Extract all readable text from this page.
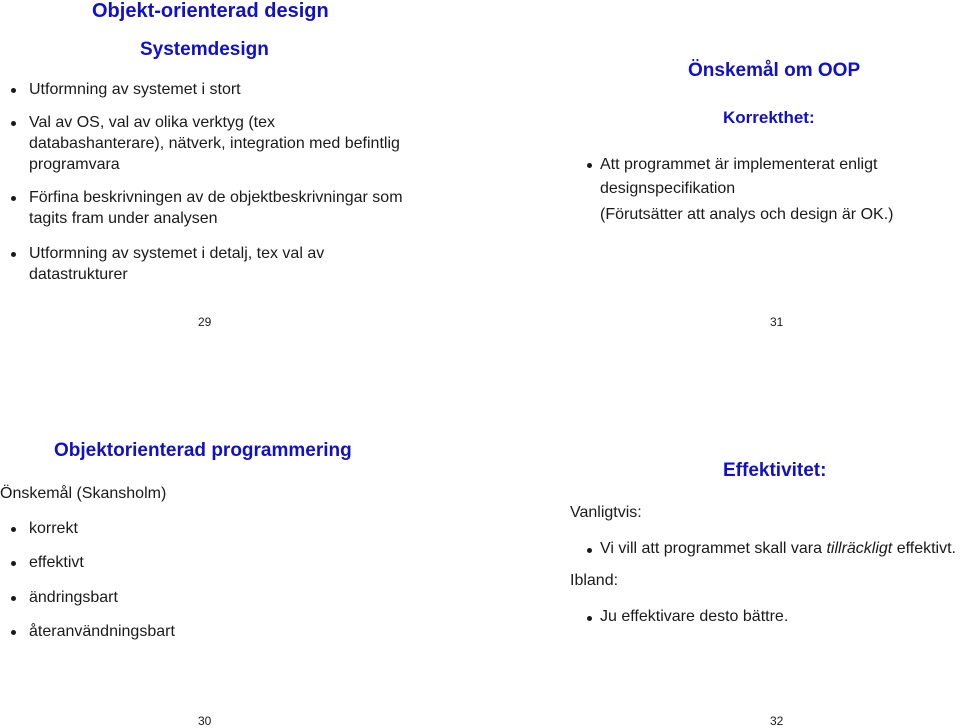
Objekt-orienterad design
Systemdesign
Utformning av systemet i stort
Val av OS, val av olika verktyg (tex
databashanterare), nätverk, integration med befintlig
programvara
Förfina beskrivningen av de objektbeskrivningar som
tagits fram under analysen
Utformning av systemet i detalj, tex val av
datastrukturer
29
Önskemål om OOP
Korrekthet:
Att programmet är implementerat enligt
designspecifikation
(Förutsätter att analys och design är OK.)
31
Objektorienterad programmering
Önskemål (Skansholm)
korrekt
effektivt
ändringsbart
återanvändningsbart
30
Effektivitet:
Vanligtvis:
Vi vill att programmet skall vara tillräckligt effektivt.
Ibland:
Ju effektivare desto bättre.
32
